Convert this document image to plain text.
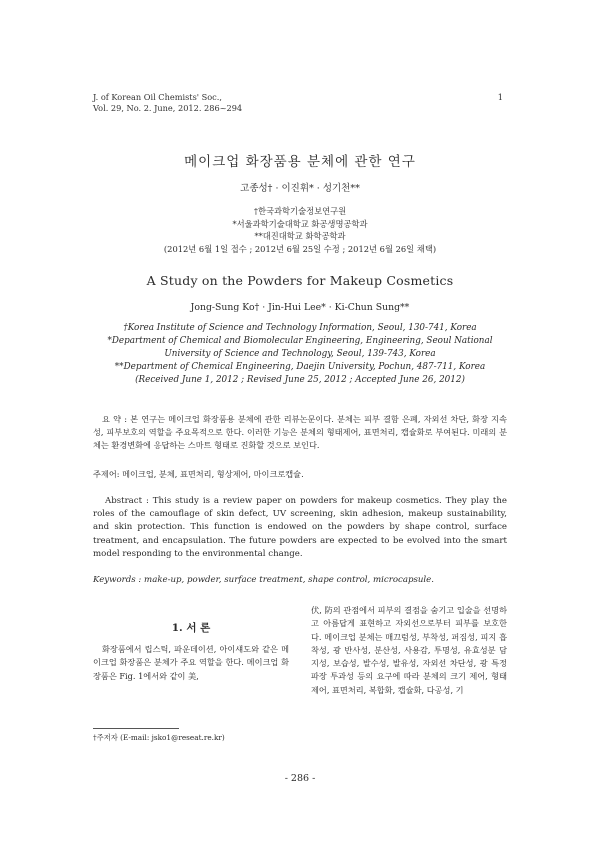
J. of Korean Oil Chemists' Soc.,
Vol. 29, No. 2. June, 2012. 286~294
1
메이크업 화장품용 분체에 관한 연구
고종성† · 이진휘* · 성기천**
†한국과학기술정보연구원
*서울과학기술대학교 화공생명공학과
**대진대학교 화학공학과
(2012년 6월 1일 접수 ; 2012년 6월 25일 수정 ; 2012년 6월 26일 채택)
A Study on the Powders for Makeup Cosmetics
Jong-Sung Ko† · Jin-Hui Lee* · Ki-Chun Sung**
†Korea Institute of Science and Technology Information, Seoul, 130-741, Korea
*Department of Chemical and Biomolecular Engineering, Engineering, Seoul National
University of Science and Technology, Seoul, 139-743, Korea
**Department of Chemical Engineering, Daejin University, Pochun, 487-711, Korea
(Received June 1, 2012 ; Revised June 25, 2012 ; Accepted June 26, 2012)
요 약 : 본 연구는 메이크업 화장품용 분체에 관한 리뷰논문이다. 분체는 피부 결함 은폐, 자외선 차단, 화장 지속성, 피부보호의 역할을 주요목적으로 한다. 이러한 기능은 분체의 형태제어, 표면처리, 캡슐화로 부여된다. 미래의 분체는 환경변화에 응답하는 스마트 형태로 진화할 것으로 보인다.
주제어: 메이크업, 분체, 표면처리, 형상제어, 마이크로캡슐.
Abstract : This study is a review paper on powders for makeup cosmetics. They play the roles of the camouflage of skin defect, UV screening, skin adhesion, makeup sustainability, and skin protection. This function is endowed on the powders by shape control, surface treatment, and encapsulation. The future powders are expected to be evolved into the smart model responding to the environmental change.
Keywords : make-up, powder, surface treatment, shape control, microcapsule.
1. 서 론
화장품에서 립스틱, 파운데이션, 아이섀도와 같은 메이크업 화장품은 분체가 주요 역할을 한다. 메이크업 화장품은 Fig. 1에서와 같이 美,
伏, 防의 관점에서 피부의 결점을 숨기고 입술을 선명하고 아름답게 표현하고 자외선으로부터 피부를 보호한다. 메이크업 분체는 매끄럼성, 부착성, 퍼짐성, 피지 흡착성, 광 반사성, 분산성, 사용감, 투명성, 유효성분 담지성, 보습성, 발수성, 발유성, 자외선 차단성, 광 특정 파장 투과성 등의 요구에 따라 분체의 크기 제어, 형태 제어, 표면처리, 복합화, 캡슐화, 다공성, 기
†주저자 (E-mail: jsko1@reseat.re.kr)
- 286 -
